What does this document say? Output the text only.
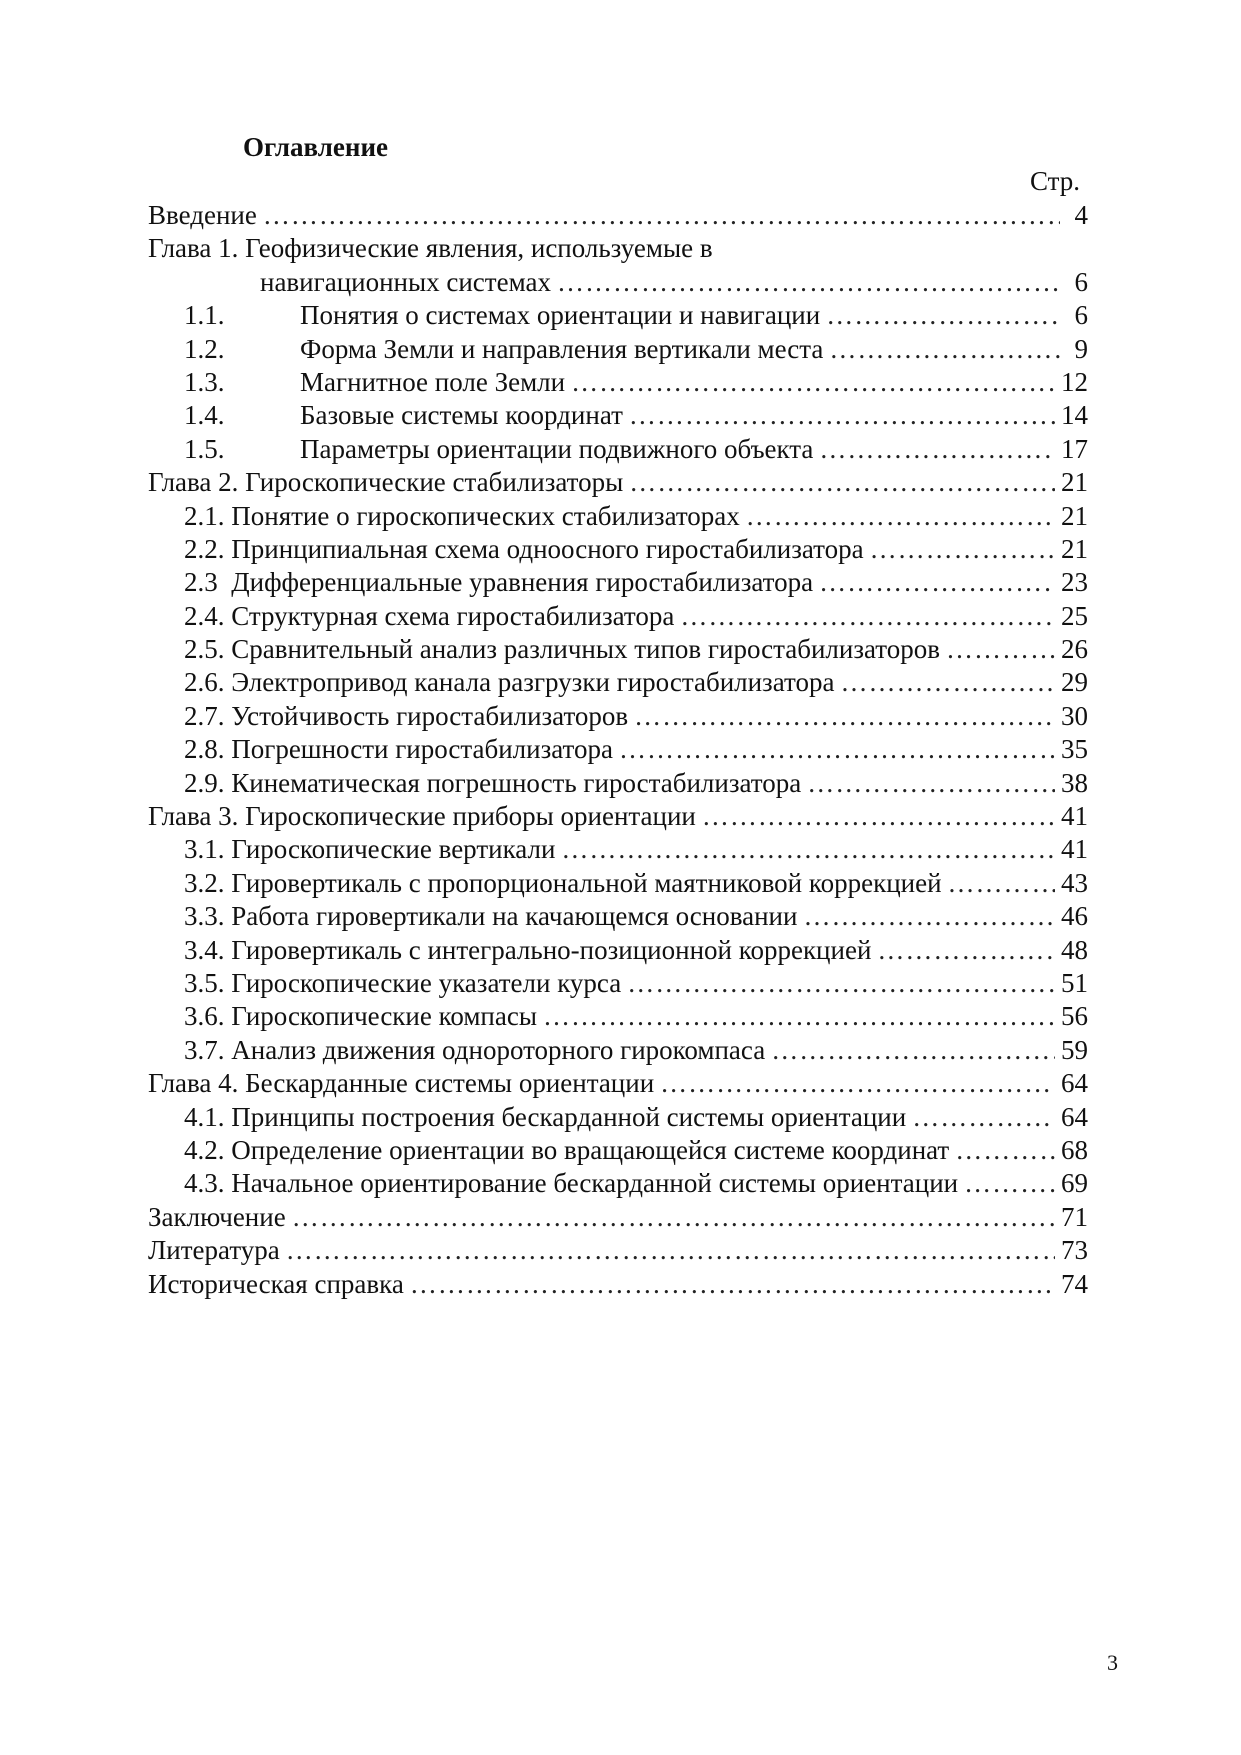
Оглавление
Стр.
Введение …………………………………………………………………………………………………………………………………………………………………………	4
Глава 1. Геофизические явления, используемые в
навигационных системах …………………………………………………………………………………………………………………………………………………………………………	6
1.1.	Понятия о системах ориентации и навигации …………………………………………………………………………………………………………………………………………………………………………	6
1.2.	Форма Земли и направления вертикали места …………………………………………………………………………………………………………………………………………………………………………	9
1.3.	Магнитное поле Земли …………………………………………………………………………………………………………………………………………………………………………	12
1.4.	Базовые системы координат …………………………………………………………………………………………………………………………………………………………………………	14
1.5.	Параметры ориентации подвижного объекта …………………………………………………………………………………………………………………………………………………………………………	17
Глава 2. Гироскопические стабилизаторы …………………………………………………………………………………………………………………………………………………………………………	21
2.1. Понятие о гироскопических стабилизаторах …………………………………………………………………………………………………………………………………………………………………………	21
2.2. Принципиальная схема одноосного гиростабилизатора …………………………………………………………………………………………………………………………………………………………………………	21
2.3  Дифференциальные уравнения гиростабилизатора …………………………………………………………………………………………………………………………………………………………………………	23
2.4. Структурная схема гиростабилизатора …………………………………………………………………………………………………………………………………………………………………………	25
2.5. Сравнительный анализ различных типов гиростабилизаторов …………………………………………………………………………………………………………………………………………………………………………	26
2.6. Электропривод канала разгрузки гиростабилизатора …………………………………………………………………………………………………………………………………………………………………………	29
2.7. Устойчивость гиростабилизаторов …………………………………………………………………………………………………………………………………………………………………………	30
2.8. Погрешности гиростабилизатора …………………………………………………………………………………………………………………………………………………………………………	35
2.9. Кинематическая погрешность гиростабилизатора …………………………………………………………………………………………………………………………………………………………………………	38
Глава 3. Гироскопические приборы ориентации …………………………………………………………………………………………………………………………………………………………………………	41
3.1. Гироскопические вертикали …………………………………………………………………………………………………………………………………………………………………………	41
3.2. Гировертикаль с пропорциональной маятниковой коррекцией …………………………………………………………………………………………………………………………………………………………………………	43
3.3. Работа гировертикали на качающемся основании …………………………………………………………………………………………………………………………………………………………………………	46
3.4. Гировертикаль с интегрально-позиционной коррекцией …………………………………………………………………………………………………………………………………………………………………………	48
3.5. Гироскопические указатели курса …………………………………………………………………………………………………………………………………………………………………………	51
3.6. Гироскопические компасы …………………………………………………………………………………………………………………………………………………………………………	56
3.7. Анализ движения однороторного гирокомпаса …………………………………………………………………………………………………………………………………………………………………………	59
Глава 4. Бескарданные системы ориентации …………………………………………………………………………………………………………………………………………………………………………	64
4.1. Принципы построения бескарданной системы ориентации …………………………………………………………………………………………………………………………………………………………………………	64
4.2. Определение ориентации во вращающейся системе координат …………………………………………………………………………………………………………………………………………………………………………	68
4.3. Начальное ориентирование бескарданной системы ориентации …………………………………………………………………………………………………………………………………………………………………………	69
Заключение …………………………………………………………………………………………………………………………………………………………………………	71
Литература …………………………………………………………………………………………………………………………………………………………………………	73
Историческая справка …………………………………………………………………………………………………………………………………………………………………………	74
3
